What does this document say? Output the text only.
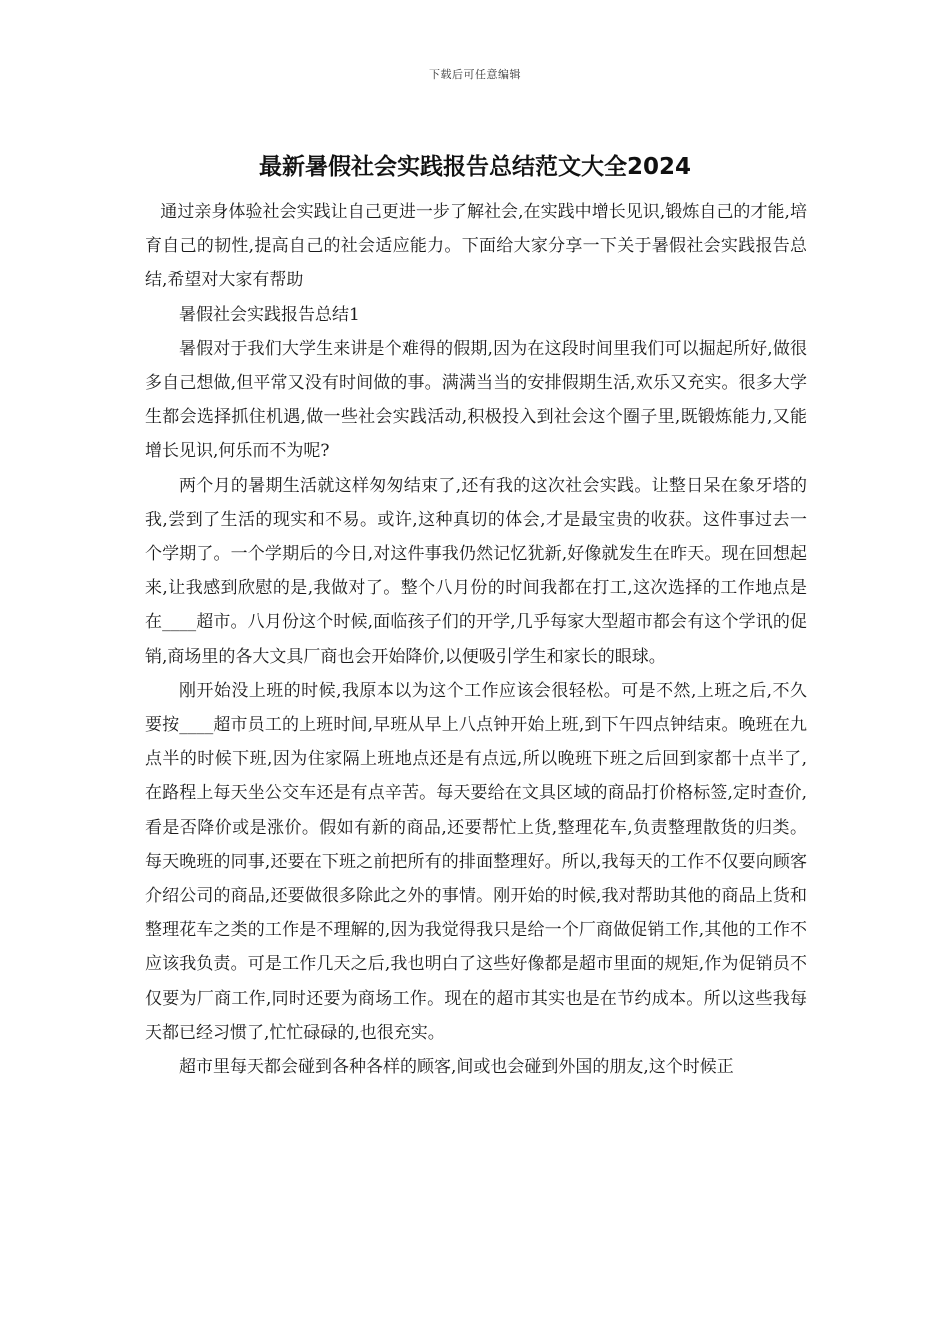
下载后可任意编辑
最新暑假社会实践报告总结范文大全2024

通过亲身体验社会实践让自己更进一步了解社会,在实践中增长见识,锻炼自己的才能,培育自己的韧性,提高自己的社会适应能力。下面给大家分享一下关于暑假社会实践报告总结,希望对大家有帮助

暑假社会实践报告总结1

暑假对于我们大学生来讲是个难得的假期,因为在这段时间里我们可以掘起所好,做很多自己想做,但平常又没有时间做的事。满满当当的安排假期生活,欢乐又充实。很多大学生都会选择抓住机遇,做一些社会实践活动,积极投入到社会这个圈子里,既锻炼能力,又能增长见识,何乐而不为呢?

两个月的暑期生活就这样匆匆结束了,还有我的这次社会实践。让整日呆在象牙塔的我,尝到了生活的现实和不易。或许,这种真切的体会,才是最宝贵的收获。这件事过去一个学期了。一个学期后的今日,对这件事我仍然记忆犹新,好像就发生在昨天。现在回想起来,让我感到欣慰的是,我做对了。整个八月份的时间我都在打工,这次选择的工作地点是在____超市。八月份这个时候,面临孩子们的开学,几乎每家大型超市都会有这个学讯的促销,商场里的各大文具厂商也会开始降价,以便吸引学生和家长的眼球。

刚开始没上班的时候,我原本以为这个工作应该会很轻松。可是不然,上班之后,不久要按____超市员工的上班时间,早班从早上八点钟开始上班,到下午四点钟结束。晚班在九点半的时候下班,因为住家隔上班地点还是有点远,所以晚班下班之后回到家都十点半了,在路程上每天坐公交车还是有点辛苦。每天要给在文具区域的商品打价格标签,定时查价,看是否降价或是涨价。假如有新的商品,还要帮忙上货,整理花车,负责整理散货的归类。每天晚班的同事,还要在下班之前把所有的排面整理好。所以,我每天的工作不仅要向顾客介绍公司的商品,还要做很多除此之外的事情。刚开始的时候,我对帮助其他的商品上货和整理花车之类的工作是不理解的,因为我觉得我只是给一个厂商做促销工作,其他的工作不应该我负责。可是工作几天之后,我也明白了这些好像都是超市里面的规矩,作为促销员不仅要为厂商工作,同时还要为商场工作。现在的超市其实也是在节约成本。所以这些我每天都已经习惯了,忙忙碌碌的,也很充实。

超市里每天都会碰到各种各样的顾客,间或也会碰到外国的朋友,这个时候正
